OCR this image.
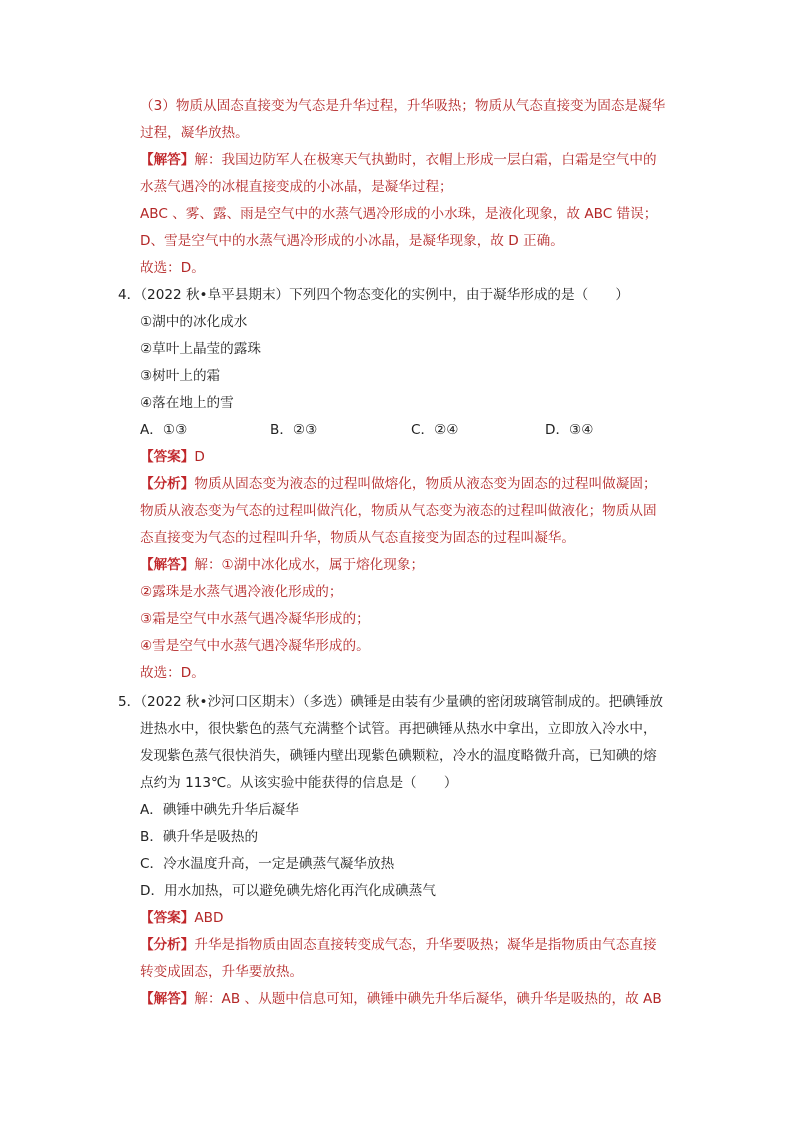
（3）物质从固态直接变为气态是升华过程，升华吸热；物质从气态直接变为固态是凝华
过程，凝华放热。
【解答】解：我国边防军人在极寒天气执勤时，衣帽上形成一层白霜，白霜是空气中的
水蒸气遇冷的冰棍直接变成的小冰晶，是凝华过程；
ABC 、雾、露、雨是空气中的水蒸气遇冷形成的小水珠，是液化现象，故 ABC 错误；
D、雪是空气中的水蒸气遇冷形成的小冰晶，是凝华现象，故 D 正确。
故选：D。
4．（2022 秋•阜平县期末）下列四个物态变化的实例中，由于凝华形成的是（　　）
①湖中的冰化成水
②草叶上晶莹的露珠
③树叶上的霜
④落在地上的雪
A．①③	B．②③	C．②④	D．③④
【答案】D
【分析】物质从固态变为液态的过程叫做熔化，物质从液态变为固态的过程叫做凝固；
物质从液态变为气态的过程叫做汽化，物质从气态变为液态的过程叫做液化；物质从固
态直接变为气态的过程叫升华，物质从气态直接变为固态的过程叫凝华。
【解答】解：①湖中冰化成水，属于熔化现象；
②露珠是水蒸气遇冷液化形成的；
③霜是空气中水蒸气遇冷凝华形成的；
④雪是空气中水蒸气遇冷凝华形成的。
故选：D。
5．（2022 秋•沙河口区期末）（多选）碘锤是由装有少量碘的密闭玻璃管制成的。把碘锤放
进热水中，很快紫色的蒸气充满整个试管。再把碘锤从热水中拿出，立即放入冷水中，
发现紫色蒸气很快消失，碘锤内壁出现紫色碘颗粒，冷水的温度略微升高，已知碘的熔
点约为 113℃。从该实验中能获得的信息是（　　）
A．碘锤中碘先升华后凝华
B．碘升华是吸热的
C．冷水温度升高，一定是碘蒸气凝华放热
D．用水加热，可以避免碘先熔化再汽化成碘蒸气
【答案】ABD
【分析】升华是指物质由固态直接转变成气态，升华要吸热；凝华是指物质由气态直接
转变成固态，升华要放热。
【解答】解：AB 、从题中信息可知，碘锤中碘先升华后凝华，碘升华是吸热的，故 AB
